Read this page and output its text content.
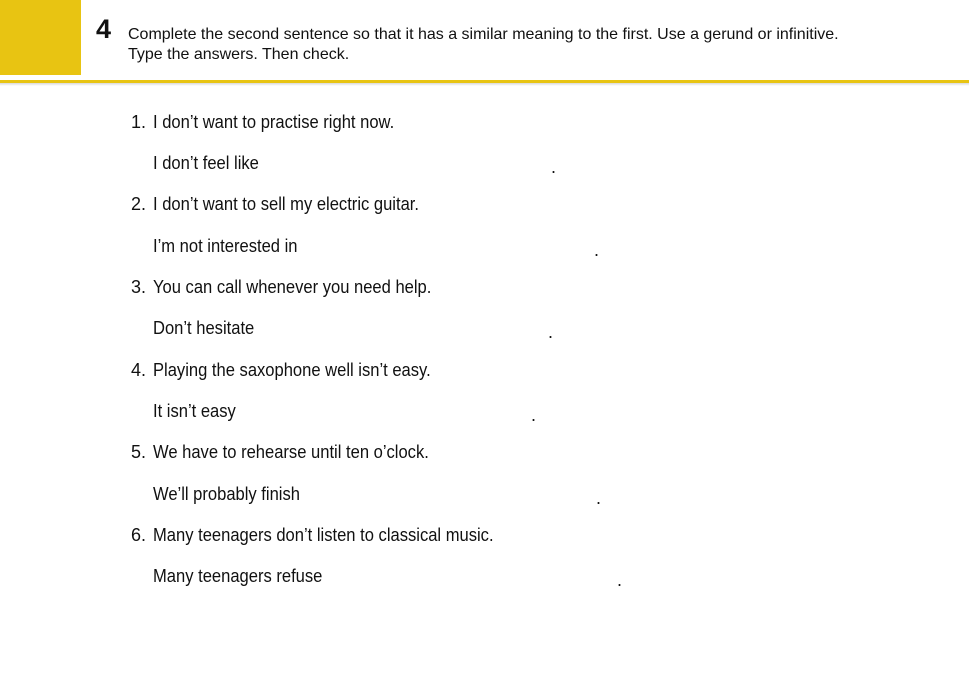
4 Complete the second sentence so that it has a similar meaning to the first. Use a gerund or infinitive.
Type the answers. Then check.
1. I don’t want to practise right now.
I don’t feel like	.
2. I don’t want to sell my electric guitar.
I’m not interested in	.
3. You can call whenever you need help.
Don’t hesitate	.
4. Playing the saxophone well isn’t easy.
It isn’t easy	.
5. We have to rehearse until ten o’clock.
We’ll probably finish	.
6. Many teenagers don’t listen to classical music.
Many teenagers refuse	.
